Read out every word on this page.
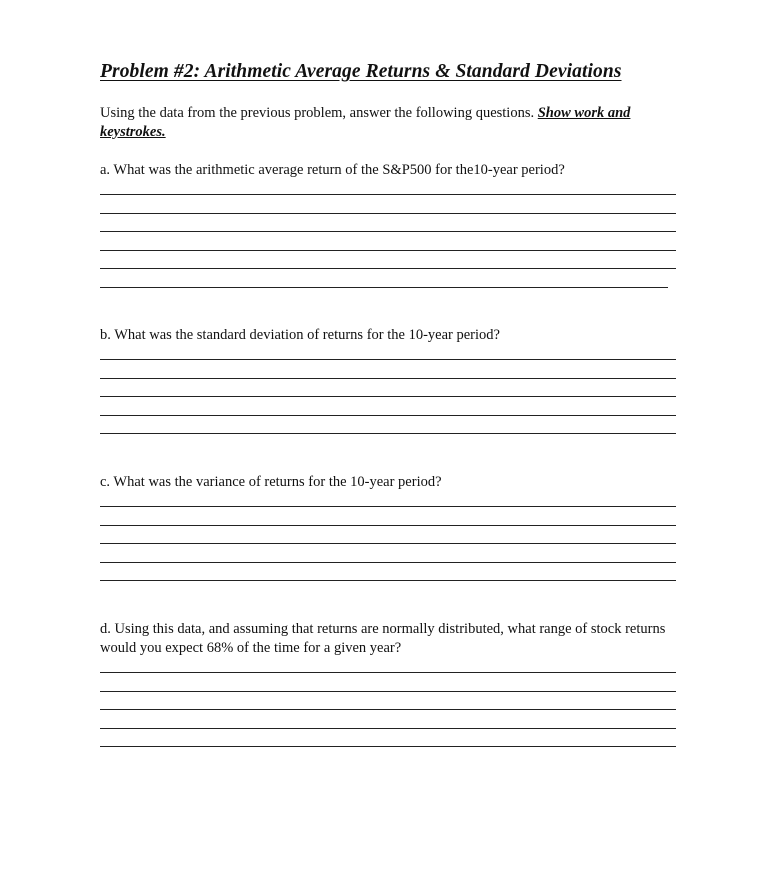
Problem #2: Arithmetic Average Returns & Standard Deviations
Using the data from the previous problem, answer the following questions. Show work and keystrokes.
a. What was the arithmetic average return of the S&P500 for the10-year period?
b. What was the standard deviation of returns for the 10-year period?
c. What was the variance of returns for the 10-year period?
d. Using this data, and assuming that returns are normally distributed, what range of stock returns would you expect 68% of the time for a given year?
